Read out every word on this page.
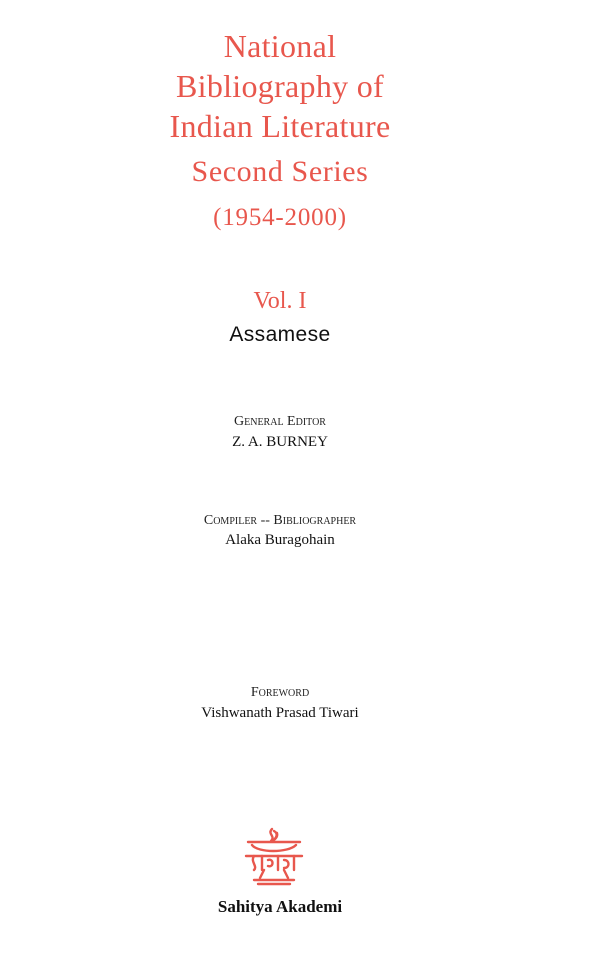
National

Bibliography of

Indian Literature

Second Series

(1954-2000)

Vol. I

Assamese

General Editor

Z. A. BURNEY

Compiler -- Bibliographer

Alaka Buragohain

Foreword

Vishwanath Prasad Tiwari

Sahitya Akademi
